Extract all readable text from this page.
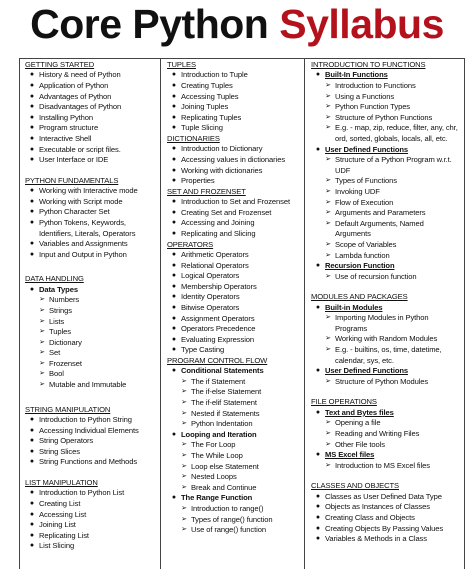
Core Python Syllabus
GETTING STARTED
● History & need of Python
● Application of Python
● Advantages of Python
● Disadvantages of Python
● Installing Python
● Program structure
● Interactive Shell
● Executable or script files.
● User Interface or IDE
PYTHON FUNDAMENTALS
● Working with Interactive mode
● Working with Script mode
● Python Character Set
● Python Tokens, Keywords, Identifiers, Literals, Operators
● Variables and Assignments
● Input and Output in Python
DATA HANDLING
● Data Types
➢ Numbers
➢ Strings
➢ Lists
➢ Tuples
➢ Dictionary
➢ Set
➢ Frozenset
➢ Bool
➢ Mutable and Immutable
STRING MANIPULATION
● Introduction to Python String
● Accessing Individual Elements
● String Operators
● String Slices
● String Functions and Methods
LIST MANIPULATION
● Introduction to Python List
● Creating List
● Accessing List
● Joining List
● Replicating List
● List Slicing
TUPLES
● Introduction to Tuple
● Creating Tuples
● Accessing Tuples
● Joining Tuples
● Replicating Tuples
● Tuple Slicing
DICTIONARIES
● Introduction to Dictionary
● Accessing values in dictionaries
● Working with dictionaries
● Properties
SET AND FROZENSET
● Introduction to Set and Frozenset
● Creating Set and Frozenset
● Accessing and Joining
● Replicating and Slicing
OPERATORS
● Arithmetic Operators
● Relational Operators
● Logical Operators
● Membership Operators
● Identity Operators
● Bitwise Operators
● Assignment Operators
● Operators Precedence
● Evaluating Expression
● Type Casting
PROGRAM CONTROL FLOW
● Conditional Statements
➢ The if Statement
➢ The if-else Statement
➢ The if-elif Statement
➢ Nested if Statements
➢ Python Indentation
● Looping and Iteration
➢ The For Loop
➢ The While Loop
➢ Loop else Statement
➢ Nested Loops
➢ Break and Continue
● The Range Function
➢ Introduction to range()
➢ Types of range() function
➢ Use of range() function
INTRODUCTION TO FUNCTIONS
● Built-In Functions
➢ Introduction to Functions
➢ Using a Functions
➢ Python Function Types
➢ Structure of Python Functions
➢ E.g. - map, zip, reduce, filter, any, chr, ord, sorted, globals, locals, all, etc.
● User Defined Functions
➢ Structure of a Python Program w.r.t. UDF
➢ Types of Functions
➢ Invoking UDF
➢ Flow of Execution
➢ Arguments and Parameters
➢ Default Arguments, Named Arguments
➢ Scope of Variables
➢ Lambda function
● Recursion Function
➢ Use of recursion function
MODULES AND PACKAGES
● Built-in Modules
➢ Importing Modules in Python Programs
➢ Working with Random Modules
➢ E.g. - builtins, os, time, datetime, calendar, sys, etc.
● User Defined Functions
➢ Structure of Python Modules
FILE OPERATIONS
● Text and Bytes files
➢ Opening a file
➢ Reading and Writing Files
➢ Other File tools
● MS Excel files
➢ Introduction to MS Excel files
CLASSES AND OBJECTS
● Classes as User Defined Data Type
● Objects as Instances of Classes
● Creating Class and Objects
● Creating Objects By Passing Values
● Variables & Methods in a Class
